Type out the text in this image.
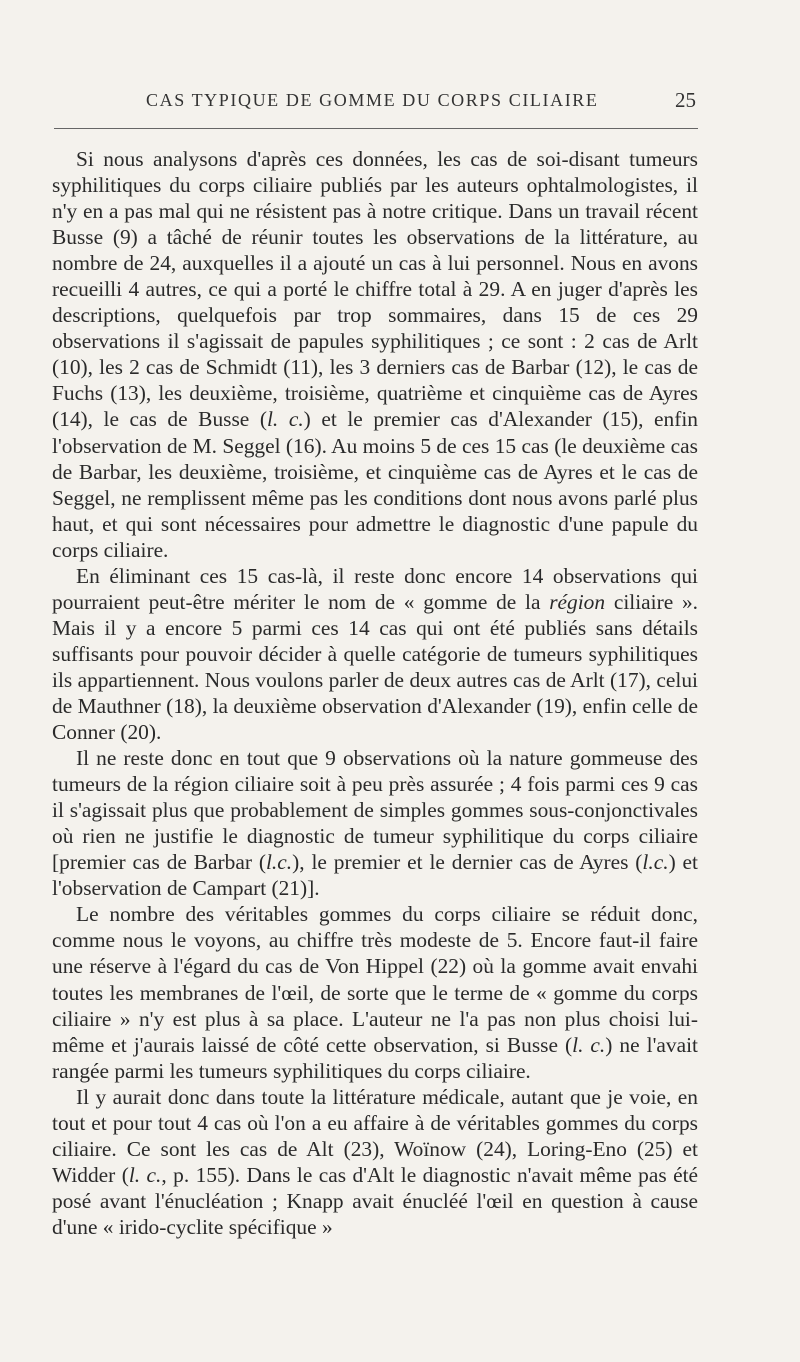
CAS TYPIQUE DE GOMME DU CORPS CILIAIRE	25

Si nous analysons d'après ces données, les cas de soi-disant tumeurs syphilitiques du corps ciliaire publiés par les auteurs ophtalmologistes, il n'y en a pas mal qui ne résistent pas à notre critique. Dans un travail récent Busse (9) a tâché de réunir toutes les observations de la littérature, au nombre de 24, auxquelles il a ajouté un cas à lui personnel. Nous en avons recueilli 4 autres, ce qui a porté le chiffre total à 29. A en juger d'après les descriptions, quelquefois par trop sommaires, dans 15 de ces 29 observations il s'agissait de papules syphilitiques ; ce sont : 2 cas de Arlt (10), les 2 cas de Schmidt (11), les 3 derniers cas de Barbar (12), le cas de Fuchs (13), les deuxième, troisième, quatrième et cinquième cas de Ayres (14), le cas de Busse (l. c.) et le premier cas d'Alexander (15), enfin l'observation de M. Seggel (16). Au moins 5 de ces 15 cas (le deuxième cas de Barbar, les deuxième, troisième, et cinquième cas de Ayres et le cas de Seggel, ne remplissent même pas les conditions dont nous avons parlé plus haut, et qui sont nécessaires pour admettre le diagnostic d'une papule du corps ciliaire.

En éliminant ces 15 cas-là, il reste donc encore 14 observations qui pourraient peut-être mériter le nom de « gomme de la région ciliaire ». Mais il y a encore 5 parmi ces 14 cas qui ont été publiés sans détails suffisants pour pouvoir décider à quelle catégorie de tumeurs syphilitiques ils appartiennent. Nous voulons parler de deux autres cas de Arlt (17), celui de Mauthner (18), la deuxième observation d'Alexander (19), enfin celle de Conner (20).

Il ne reste donc en tout que 9 observations où la nature gommeuse des tumeurs de la région ciliaire soit à peu près assurée ; 4 fois parmi ces 9 cas il s'agissait plus que probablement de simples gommes sous-conjonctivales où rien ne justifie le diagnostic de tumeur syphilitique du corps ciliaire [premier cas de Barbar (l.c.), le premier et le dernier cas de Ayres (l.c.) et l'observation de Campart (21)].

Le nombre des véritables gommes du corps ciliaire se réduit donc, comme nous le voyons, au chiffre très modeste de 5. Encore faut-il faire une réserve à l'égard du cas de Von Hippel (22) où la gomme avait envahi toutes les membranes de l'œil, de sorte que le terme de « gomme du corps ciliaire » n'y est plus à sa place. L'auteur ne l'a pas non plus choisi lui-même et j'aurais laissé de côté cette observation, si Busse (l. c.) ne l'avait rangée parmi les tumeurs syphilitiques du corps ciliaire.

Il y aurait donc dans toute la littérature médicale, autant que je voie, en tout et pour tout 4 cas où l'on a eu affaire à de véritables gommes du corps ciliaire. Ce sont les cas de Alt (23), Woïnow (24), Loring-Eno (25) et Widder (l. c., p. 155). Dans le cas d'Alt le diagnostic n'avait même pas été posé avant l'énucléation ; Knapp avait énucléé l'œil en question à cause d'une « irido-cyclite spécifique »
